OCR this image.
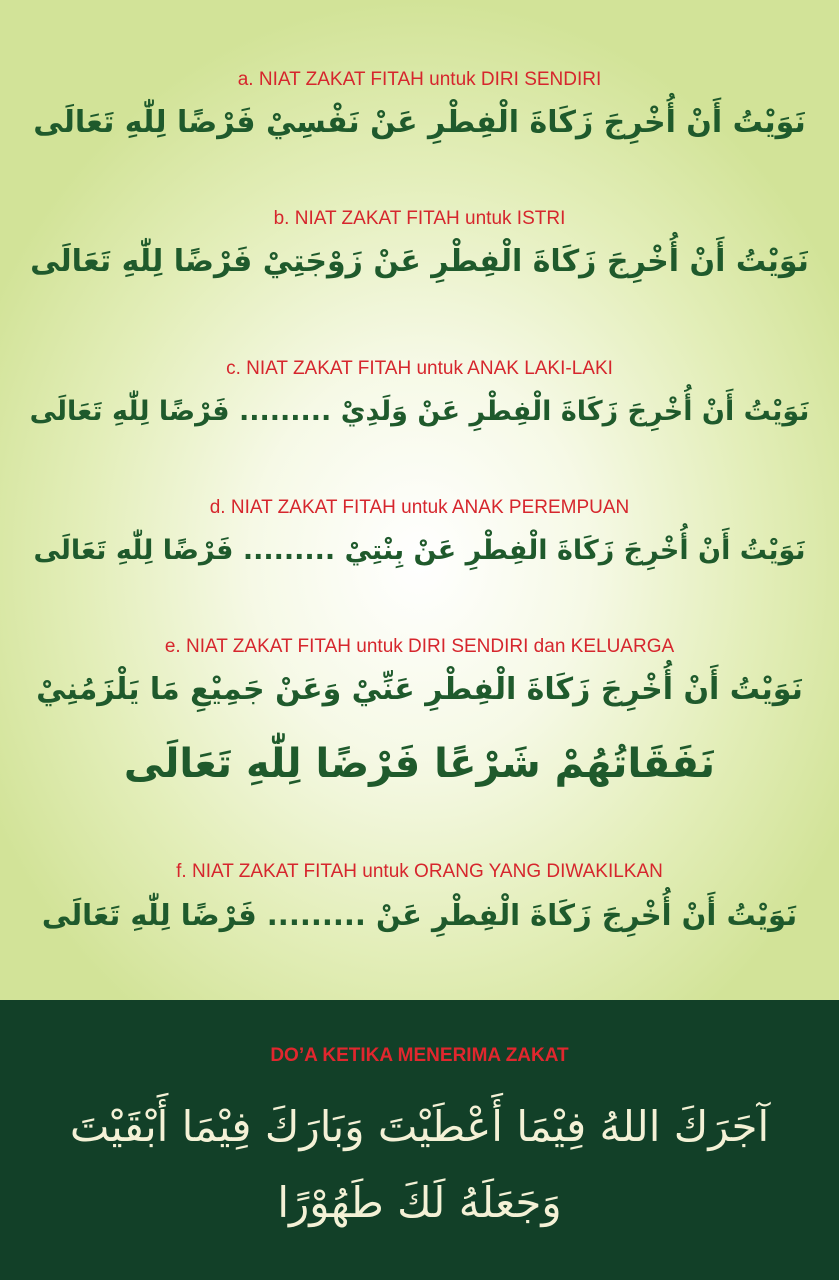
a. NIAT ZAKAT FITAH untuk DIRI SENDIRI
نَوَيْتُ أَنْ أُخْرِجَ زَكَاةَ الْفِطْرِ عَنْ نَفْسِيْ فَرْضًا لِلّٰهِ تَعَالَى
b. NIAT ZAKAT FITAH untuk ISTRI
نَوَيْتُ أَنْ أُخْرِجَ زَكَاةَ الْفِطْرِ عَنْ زَوْجَتِيْ فَرْضًا لِلّٰهِ تَعَالَى
c. NIAT ZAKAT FITAH untuk ANAK LAKI-LAKI
نَوَيْتُ أَنْ أُخْرِجَ زَكَاةَ الْفِطْرِ عَنْ وَلَدِيْ ......... فَرْضًا لِلّٰهِ تَعَالَى
d. NIAT ZAKAT FITAH untuk ANAK PEREMPUAN
نَوَيْتُ أَنْ أُخْرِجَ زَكَاةَ الْفِطْرِ عَنْ بِنْتِيْ ......... فَرْضًا لِلّٰهِ تَعَالَى
e. NIAT ZAKAT FITAH untuk DIRI SENDIRI dan KELUARGA
نَوَيْتُ أَنْ أُخْرِجَ زَكَاةَ الْفِطْرِ عَنِّيْ وَعَنْ جَمِيْعِ مَا يَلْزَمُنِيْ
نَفَقَاتُهُمْ شَرْعًا فَرْضًا لِلّٰهِ تَعَالَى
f. NIAT ZAKAT FITAH untuk ORANG YANG DIWAKILKAN
نَوَيْتُ أَنْ أُخْرِجَ زَكَاةَ الْفِطْرِ عَنْ ......... فَرْضًا لِلّٰهِ تَعَالَى
DO’A KETIKA MENERIMA ZAKAT
آجَرَكَ اللهُ فِيْمَا أَعْطَيْتَ وَبَارَكَ فِيْمَا أَبْقَيْتَ
وَجَعَلَهُ لَكَ طَهُوْرًا
